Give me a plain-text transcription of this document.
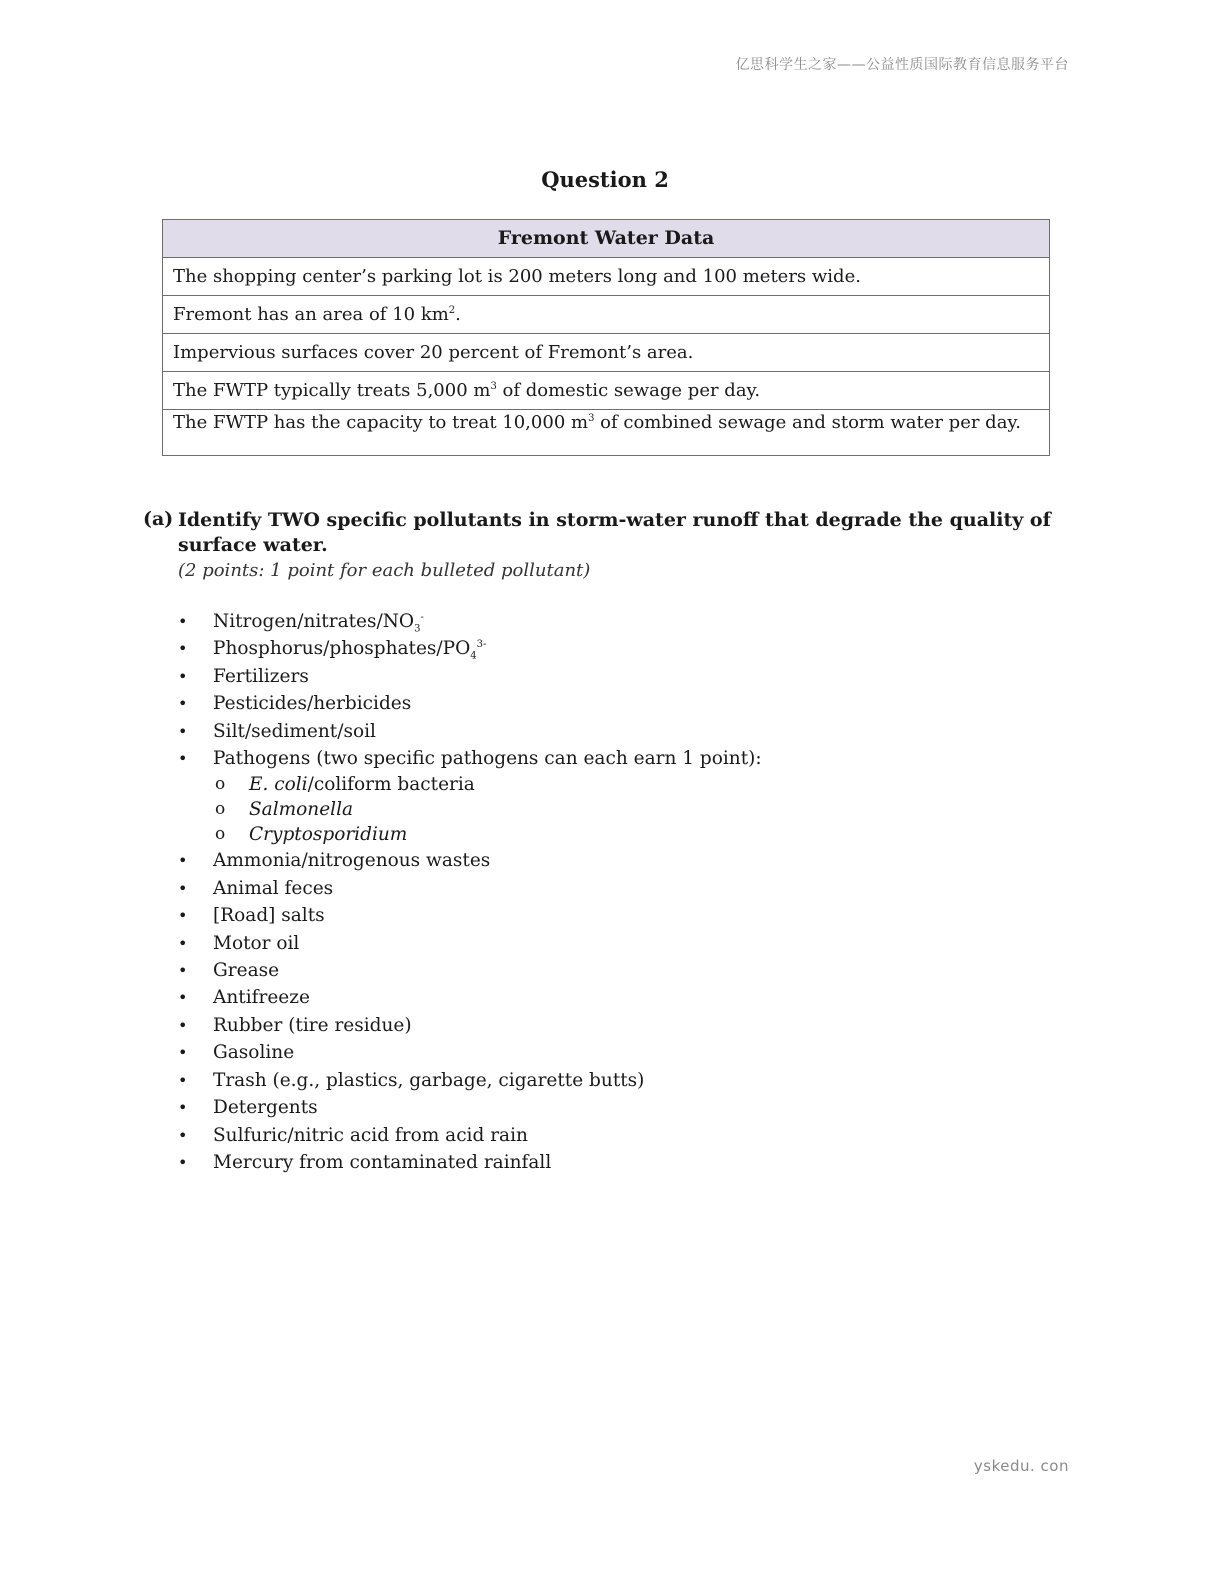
亿思科学生之家——公益性质国际教育信息服务平台
Question 2
Fremont Water Data
The shopping center’s parking lot is 200 meters long and 100 meters wide.
Fremont has an area of 10 $km^2$.
Impervious surfaces cover 20 percent of Fremont’s area.
The FWTP typically treats 5,000 $m^3$ of domestic sewage per day.
The FWTP has the capacity to treat 10,000 $m^3$ of combined sewage and storm water per day.
(a) Identify TWO specific pollutants in storm-water runoff that degrade the quality of surface water.
(2 points: 1 point for each bulleted pollutant)
• Nitrogen/$nitrates/NO_3^-$
• Phosphorus/$phosphates/PO_4^{3-}$
• Fertilizers
• Pesticides/herbicides
• Silt/sediment/soil
• Pathogens (two specific pathogens can each earn 1 point):
o E. coli/coliform bacteria
o Salmonella
o Cryptosporidium
• Ammonia/nitrogenous wastes
• Animal feces
• [Road] salts
• Motor oil
• Grease
• Antifreeze
• Rubber (tire residue)
• Gasoline
• Trash (e.g., plastics, garbage, cigarette butts)
• Detergents
• Sulfuric/nitric acid from acid rain
• Mercury from contaminated rainfall
yskedu. con
